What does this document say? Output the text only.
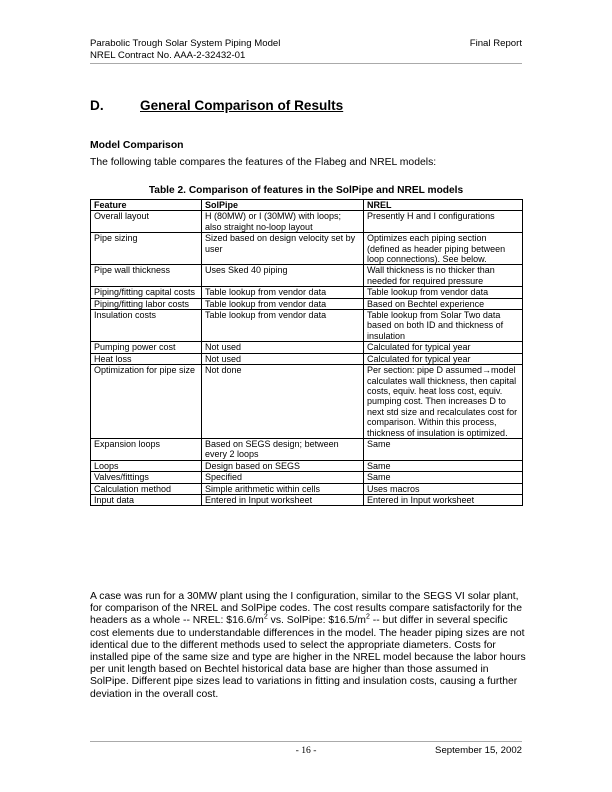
Parabolic Trough Solar System Piping Model
NREL Contract No. AAA-2-32432-01
Final Report
D.	General Comparison of Results
Model Comparison
The following table compares the features of the Flabeg and NREL models:
Table 2. Comparison of features in the SolPipe and NREL models
Feature	SolPipe	NREL
Overall layout	H (80MW) or I (30MW) with loops; also straight no-loop layout	Presently H and I configurations
Pipe sizing	Sized based on design velocity set by user	Optimizes each piping section (defined as header piping between loop connections). See below.
Pipe wall thickness	Uses Sked 40 piping	Wall thickness is no thicker than needed for required pressure
Piping/fitting capital costs	Table lookup from vendor data	Table lookup from vendor data
Piping/fitting labor costs	Table lookup from vendor data	Based on Bechtel experience
Insulation costs	Table lookup from vendor data	Table lookup from Solar Two data based on both ID and thickness of insulation
Pumping power cost	Not used	Calculated for typical year
Heat loss	Not used	Calculated for typical year
Optimization for pipe size	Not done	Per section: pipe D assumed→model calculates wall thickness, then capital costs, equiv. heat loss cost, equiv. pumping cost. Then increases D to next std size and recalculates cost for comparison. Within this process, thickness of insulation is optimized.
Expansion loops	Based on SEGS design; between every 2 loops	Same
Loops	Design based on SEGS	Same
Valves/fittings	Specified	Same
Calculation method	Simple arithmetic within cells	Uses macros
Input data	Entered in Input worksheet	Entered in Input worksheet
A case was run for a 30MW plant using the I configuration, similar to the SEGS VI solar plant, for comparison of the NREL and SolPipe codes. The cost results compare satisfactorily for the headers as a whole -- NREL: $\$16.6/m^2$ vs. SolPipe: $\$16.5/m^2$ -- but differ in several specific cost elements due to understandable differences in the model. The header piping sizes are not identical due to the different methods used to select the appropriate diameters. Costs for installed pipe of the same size and type are higher in the NREL model because the labor hours per unit length based on Bechtel historical data base are higher than those assumed in SolPipe. Different pipe sizes lead to variations in fitting and insulation costs, causing a further deviation in the overall cost.
- 16 -	September 15, 2002
